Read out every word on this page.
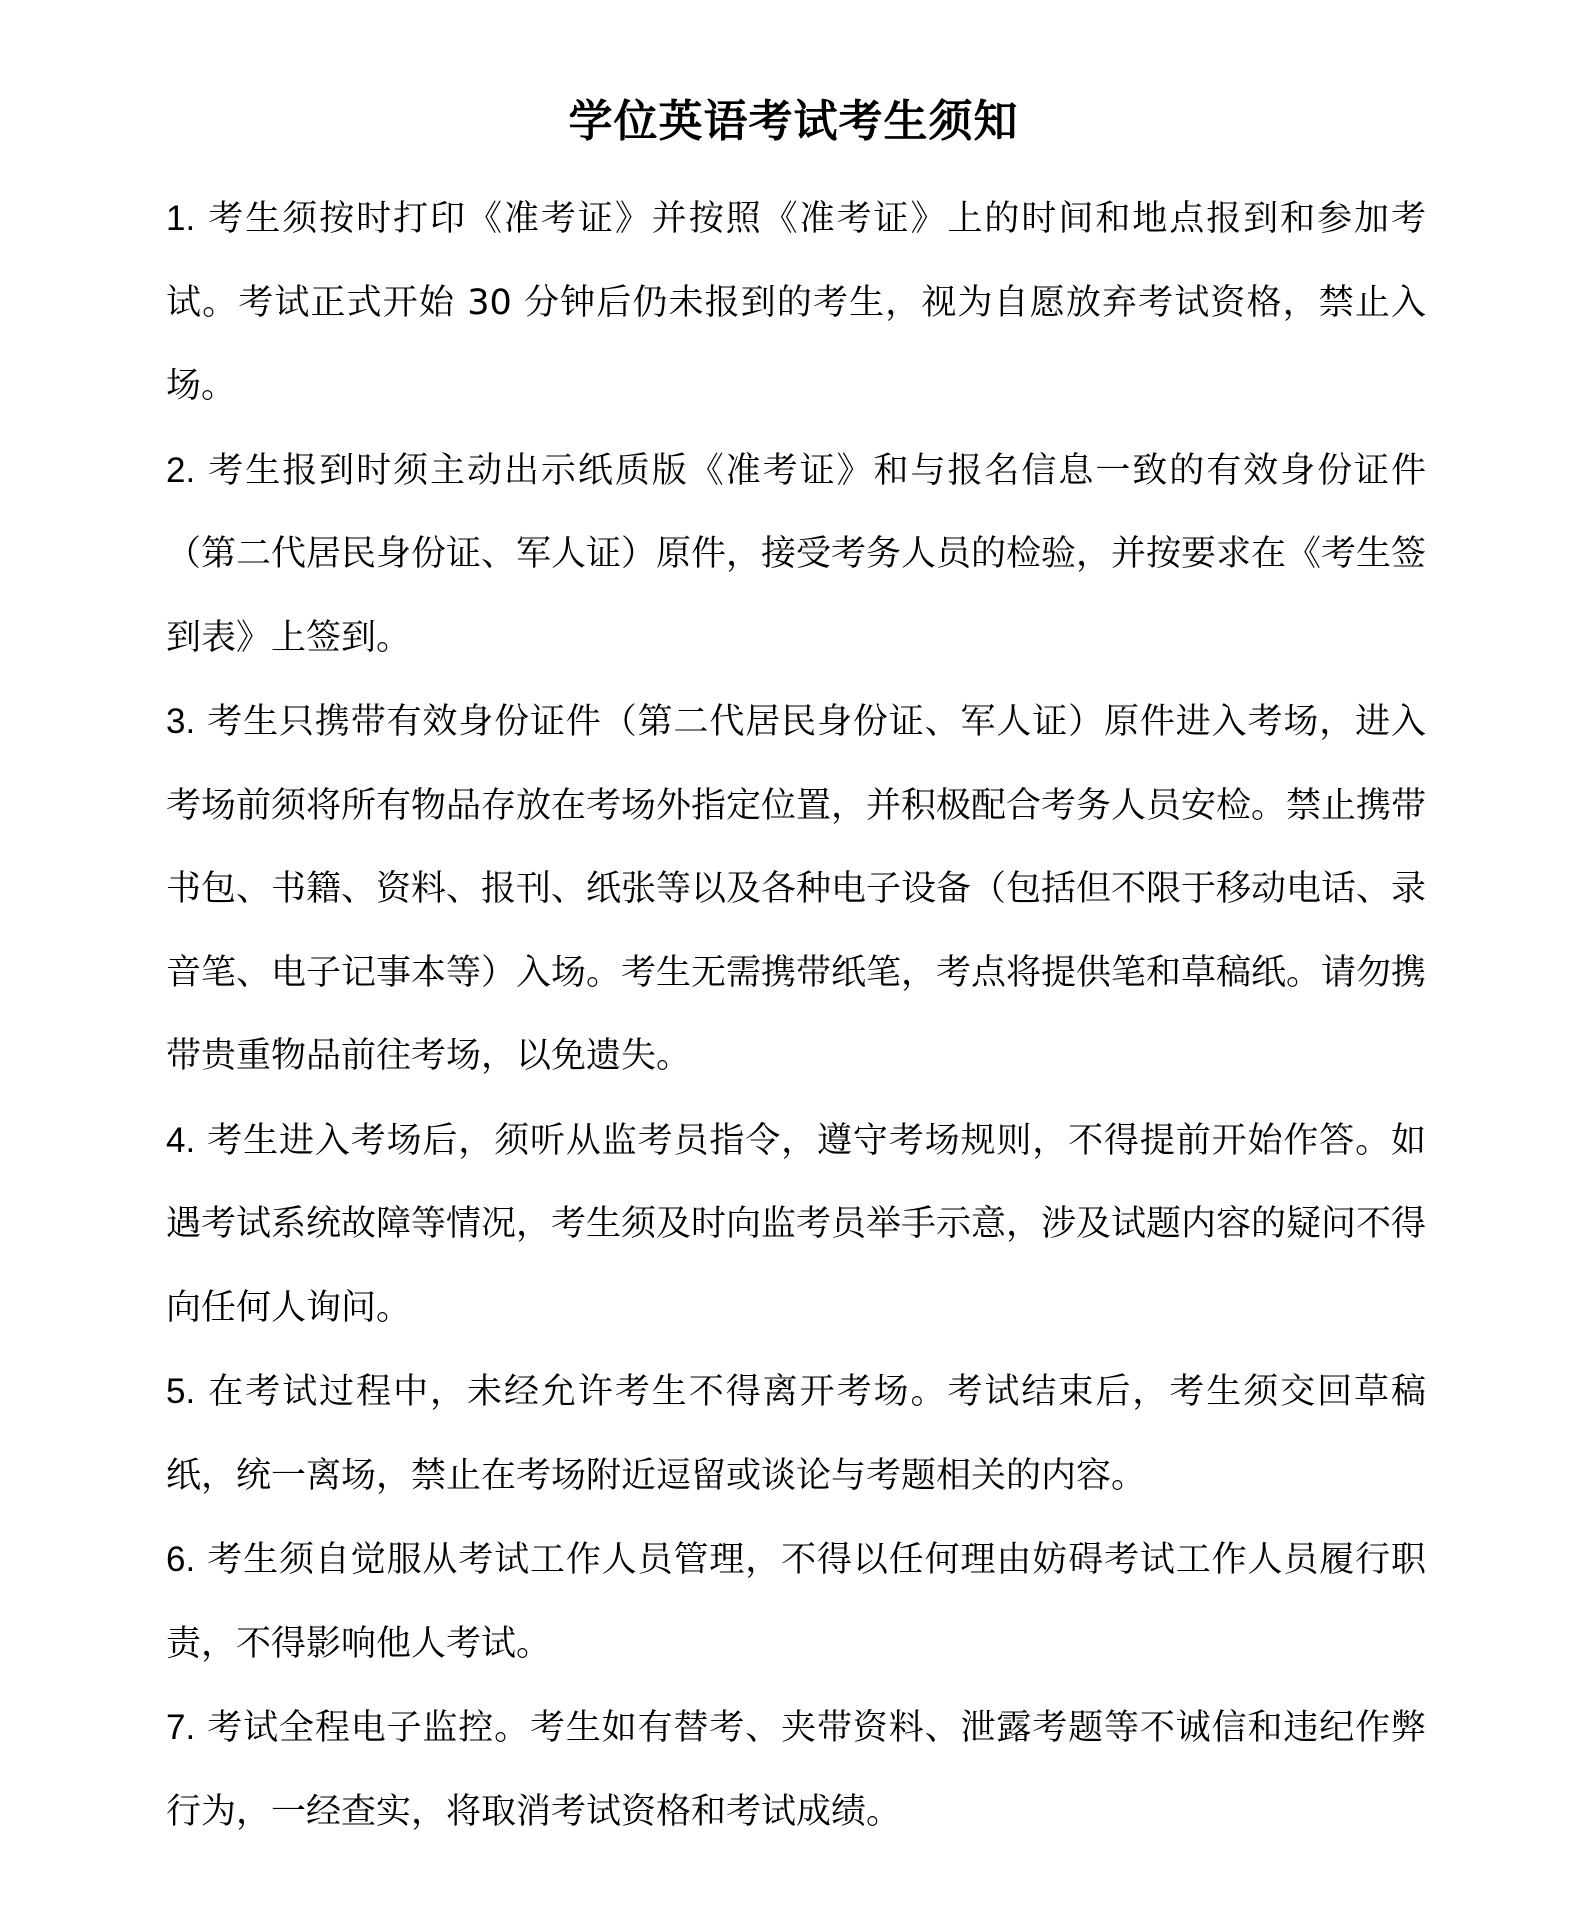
学位英语考试考生须知

1. 考生须按时打印《准考证》并按照《准考证》上的时间和地点报到和参加考试。考试正式开始 30 分钟后仍未报到的考生，视为自愿放弃考试资格，禁止入场。

2. 考生报到时须主动出示纸质版《准考证》和与报名信息一致的有效身份证件（第二代居民身份证、军人证）原件，接受考务人员的检验，并按要求在《考生签到表》上签到。

3. 考生只携带有效身份证件（第二代居民身份证、军人证）原件进入考场，进入考场前须将所有物品存放在考场外指定位置，并积极配合考务人员安检。禁止携带书包、书籍、资料、报刊、纸张等以及各种电子设备（包括但不限于移动电话、录音笔、电子记事本等）入场。考生无需携带纸笔，考点将提供笔和草稿纸。请勿携带贵重物品前往考场，以免遗失。

4. 考生进入考场后，须听从监考员指令，遵守考场规则，不得提前开始作答。如遇考试系统故障等情况，考生须及时向监考员举手示意，涉及试题内容的疑问不得向任何人询问。

5. 在考试过程中，未经允许考生不得离开考场。考试结束后，考生须交回草稿纸，统一离场，禁止在考场附近逗留或谈论与考题相关的内容。

6. 考生须自觉服从考试工作人员管理，不得以任何理由妨碍考试工作人员履行职责，不得影响他人考试。

7. 考试全程电子监控。考生如有替考、夹带资料、泄露考题等不诚信和违纪作弊行为，一经查实，将取消考试资格和考试成绩。
